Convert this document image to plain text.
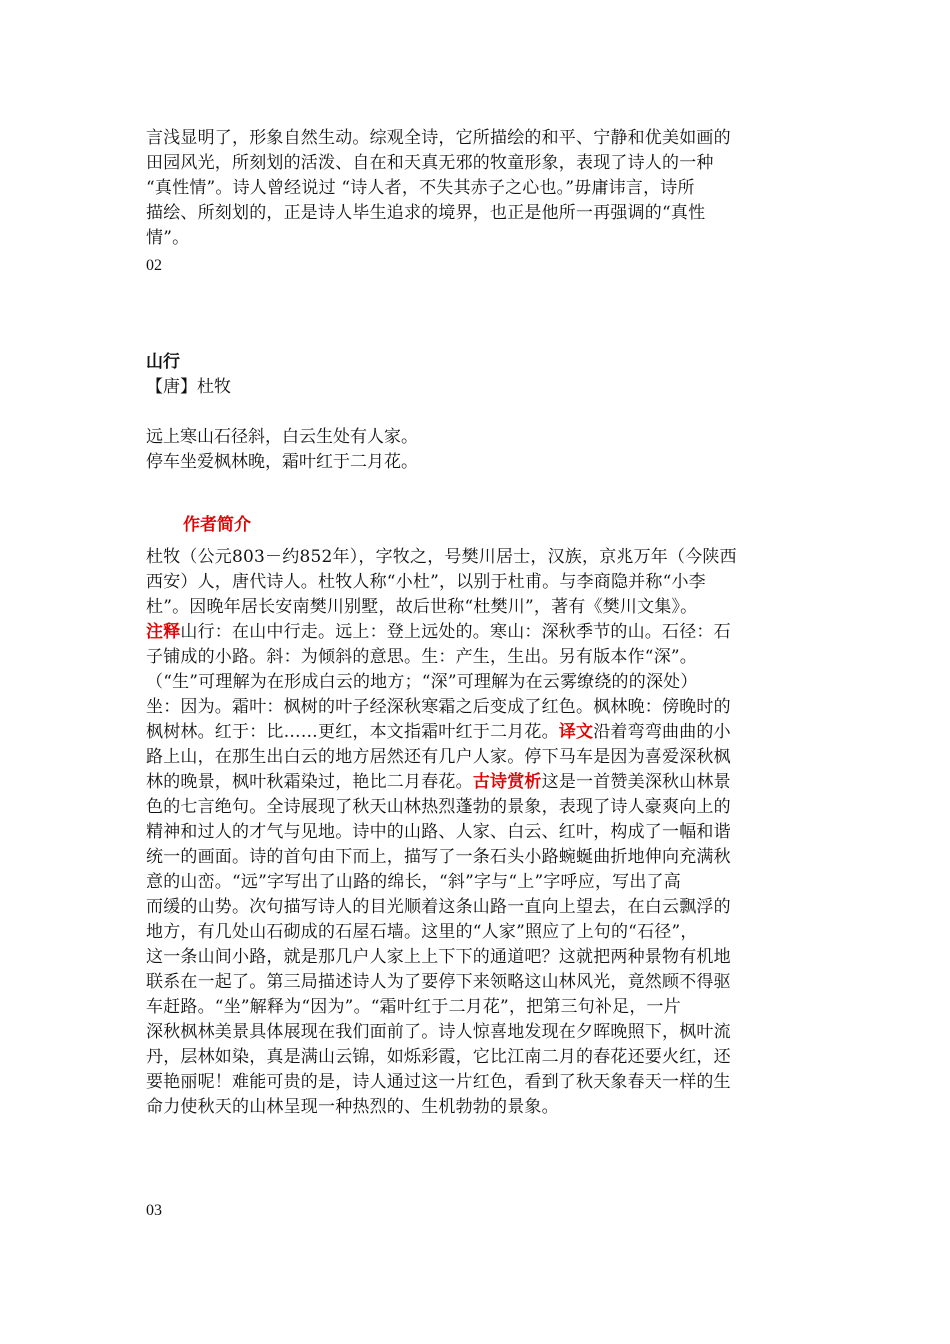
言浅显明了，形象自然生动。综观全诗，它所描绘的和平、宁静和优美如画的
田园风光，所刻划的活泼、自在和天真无邪的牧童形象，表现了诗人的一种
“真性情”。诗人曾经说过 “诗人者，不失其赤子之心也。”毋庸讳言，诗所
描绘、所刻划的，正是诗人毕生追求的境界，也正是他所一再强调的“真性
情”。
02
山行
【唐】杜牧
远上寒山石径斜，白云生处有人家。
停车坐爱枫林晚，霜叶红于二月花。
作者简介
杜牧（公元803－约852年），字牧之，号樊川居士，汉族，京兆万年（今陕西
西安）人，唐代诗人。杜牧人称“小杜”，以别于杜甫。与李商隐并称“小李
杜”。因晚年居长安南樊川别墅，故后世称“杜樊川”，著有《樊川文集》。
注释山行：在山中行走。远上：登上远处的。寒山：深秋季节的山。石径：石
子铺成的小路。斜：为倾斜的意思。生：产生，生出。另有版本作“深”。
（“生”可理解为在形成白云的地方；“深”可理解为在云雾缭绕的的深处）
坐：因为。霜叶：枫树的叶子经深秋寒霜之后变成了红色。枫林晚：傍晚时的
枫树林。红于：比……更红，本文指霜叶红于二月花。译文沿着弯弯曲曲的小
路上山，在那生出白云的地方居然还有几户人家。停下马车是因为喜爱深秋枫
林的晚景，枫叶秋霜染过，艳比二月春花。古诗赏析这是一首赞美深秋山林景
色的七言绝句。全诗展现了秋天山林热烈蓬勃的景象，表现了诗人豪爽向上的
精神和过人的才气与见地。诗中的山路、人家、白云、红叶，构成了一幅和谐
统一的画面。诗的首句由下而上，描写了一条石头小路蜿蜒曲折地伸向充满秋
意的山峦。“远”字写出了山路的绵长，“斜”字与“上”字呼应，写出了高
而缓的山势。次句描写诗人的目光顺着这条山路一直向上望去，在白云飘浮的
地方，有几处山石砌成的石屋石墙。这里的“人家”照应了上句的“石径”，
这一条山间小路，就是那几户人家上上下下的通道吧？这就把两种景物有机地
联系在一起了。第三局描述诗人为了要停下来领略这山林风光，竟然顾不得驱
车赶路。“坐”解释为“因为”。“霜叶红于二月花”，把第三句补足，一片
深秋枫林美景具体展现在我们面前了。诗人惊喜地发现在夕晖晚照下，枫叶流
丹，层林如染，真是满山云锦，如烁彩霞，它比江南二月的春花还要火红，还
要艳丽呢！难能可贵的是，诗人通过这一片红色，看到了秋天象春天一样的生
命力使秋天的山林呈现一种热烈的、生机勃勃的景象。
03
